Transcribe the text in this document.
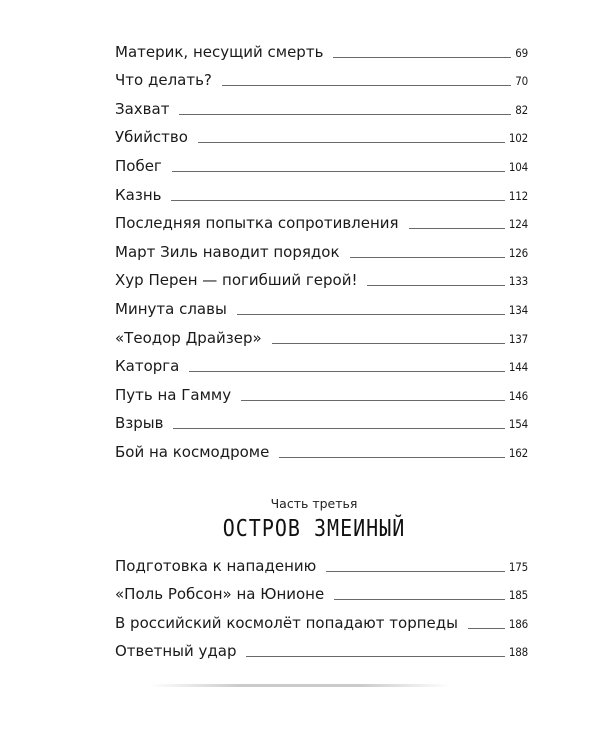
Материк, несущий смерть	69
Что делать?	70
Захват	82
Убийство	102
Побег	104
Казнь	112
Последняя попытка сопротивления	124
Март Зиль наводит порядок	126
Хур Перен — погибший герой!	133
Минута славы	134
«Теодор Драйзер»	137
Каторга	144
Путь на Гамму	146
Взрыв	154
Бой на космодроме	162
Часть третья
ОСТРОВ ЗМЕИНЫЙ
Подготовка к нападению	175
«Поль Робсон» на Юнионе	185
В российский космолёт попадают торпеды	186
Ответный удар	188
